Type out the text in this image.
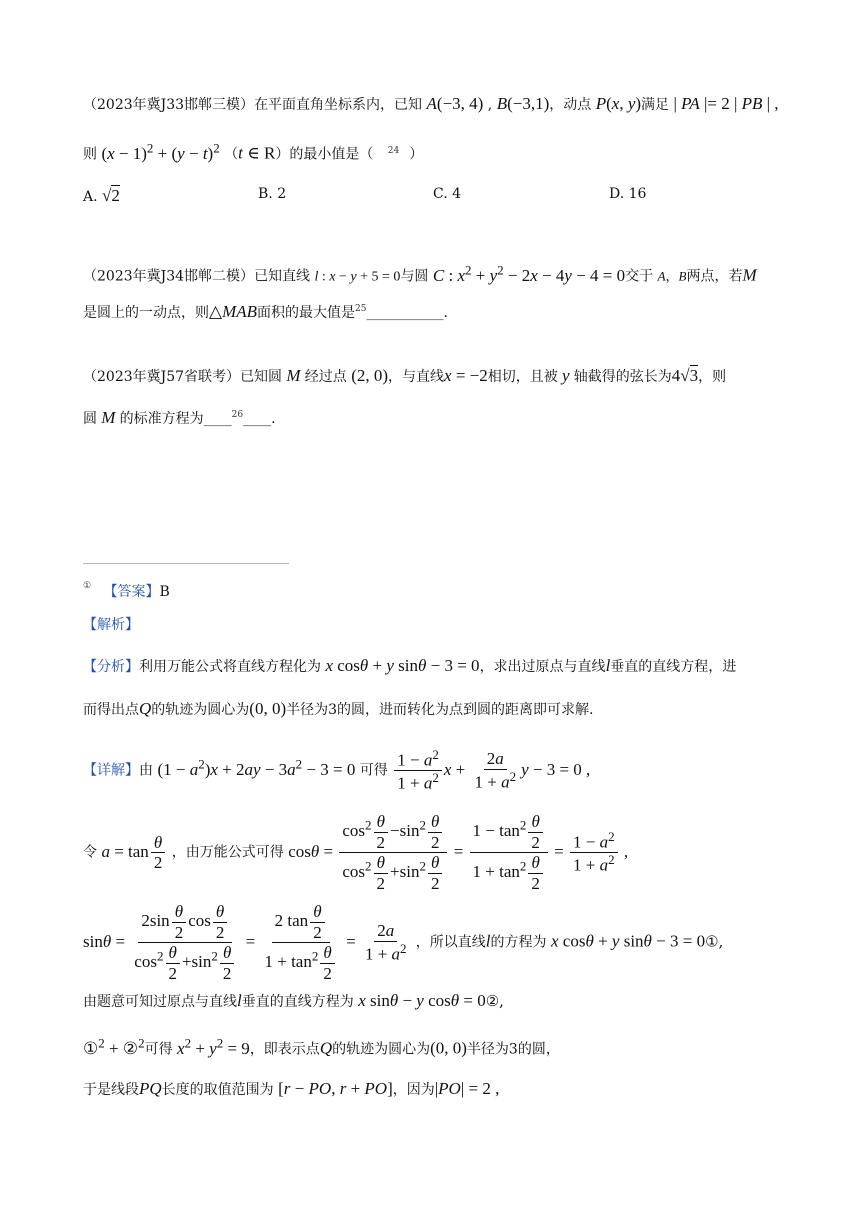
（2023年冀J33邯郸三模）在平面直角坐标系内，已知 A(−3, 4) , B(−3,1)，动点 P(x, y)满足 | PA |= 2 | PB | ,
则 $(x - 1)^2 + (y - t)^2$ （t ∈ R）的最小值是（ $^{24}$ ）
A. √2	B. 2	C. 4	D. 16
（2023年冀J34邯郸二模）已知直线 l : x − y + 5 = 0与圆 C : $x^2 + y^2 - 2x - 4y - 4 = 0$交于 A，B两点，若M
是圆上的一动点，则△MAB面积的最大值是$^{25}$___________.
（2023年冀J57省联考）已知圆 M 经过点 (2, 0)，与直线x = −2相切，且被 y 轴截得的弦长为4√3，则
圆 M 的标准方程为____$^{26}$____.
① 【答案】B
【解析】
【分析】利用万能公式将直线方程化为 x cosθ + y sinθ − 3 = 0，求出过原点与直线l垂直的直线方程，进
而得出点Q的轨迹为圆心为(0, 0)半径为3的圆，进而转化为点到圆的距离即可求解.
【详解】由 $(1 - a^2)x + 2ay - 3a^2 - 3 = 0$ 可得 $\frac{1 - a^2}{1 + a^2}$ $x + \frac{2a}{1 + a^2}$ y − 3 = 0 ,
令 $a = \tan \frac{\theta}{2}$ ，由万能公式可得 $\cos\theta = \frac{\cos^2 \frac{\theta}{2} -\sin^2 \frac{\theta}{2}}{\cos^2 \frac{\theta}{2} +\sin^2 \frac{\theta}{2}} = \frac{1 - \tan^2 \frac{\theta}{2}}{1 + \tan^2 \frac{\theta}{2}} = \frac{1 - a^2}{1 + a^2}$ ,
$\sin\theta = \frac{2\sin \frac{\theta}{2} \cos \frac{\theta}{2}}{\cos^2 \frac{\theta}{2} +\sin^2 \frac{\theta}{2}} = \frac{2 \tan \frac{\theta}{2}}{1 + \tan^2 \frac{\theta}{2}} = \frac{2a}{1 + a^2}$ ，所以直线l的方程为 x cosθ + y sinθ − 3 = 0①,
由题意可知过原点与直线l垂直的直线方程为 x sinθ − y cosθ = 0②,
①$^2$ + ②$^2$可得 $x^2 + y^2 = 9$，即表示点Q的轨迹为圆心为(0, 0)半径为3的圆，
于是线段PQ长度的取值范围为 [r − PO, r + PO]，因为|PO| = 2 ,
